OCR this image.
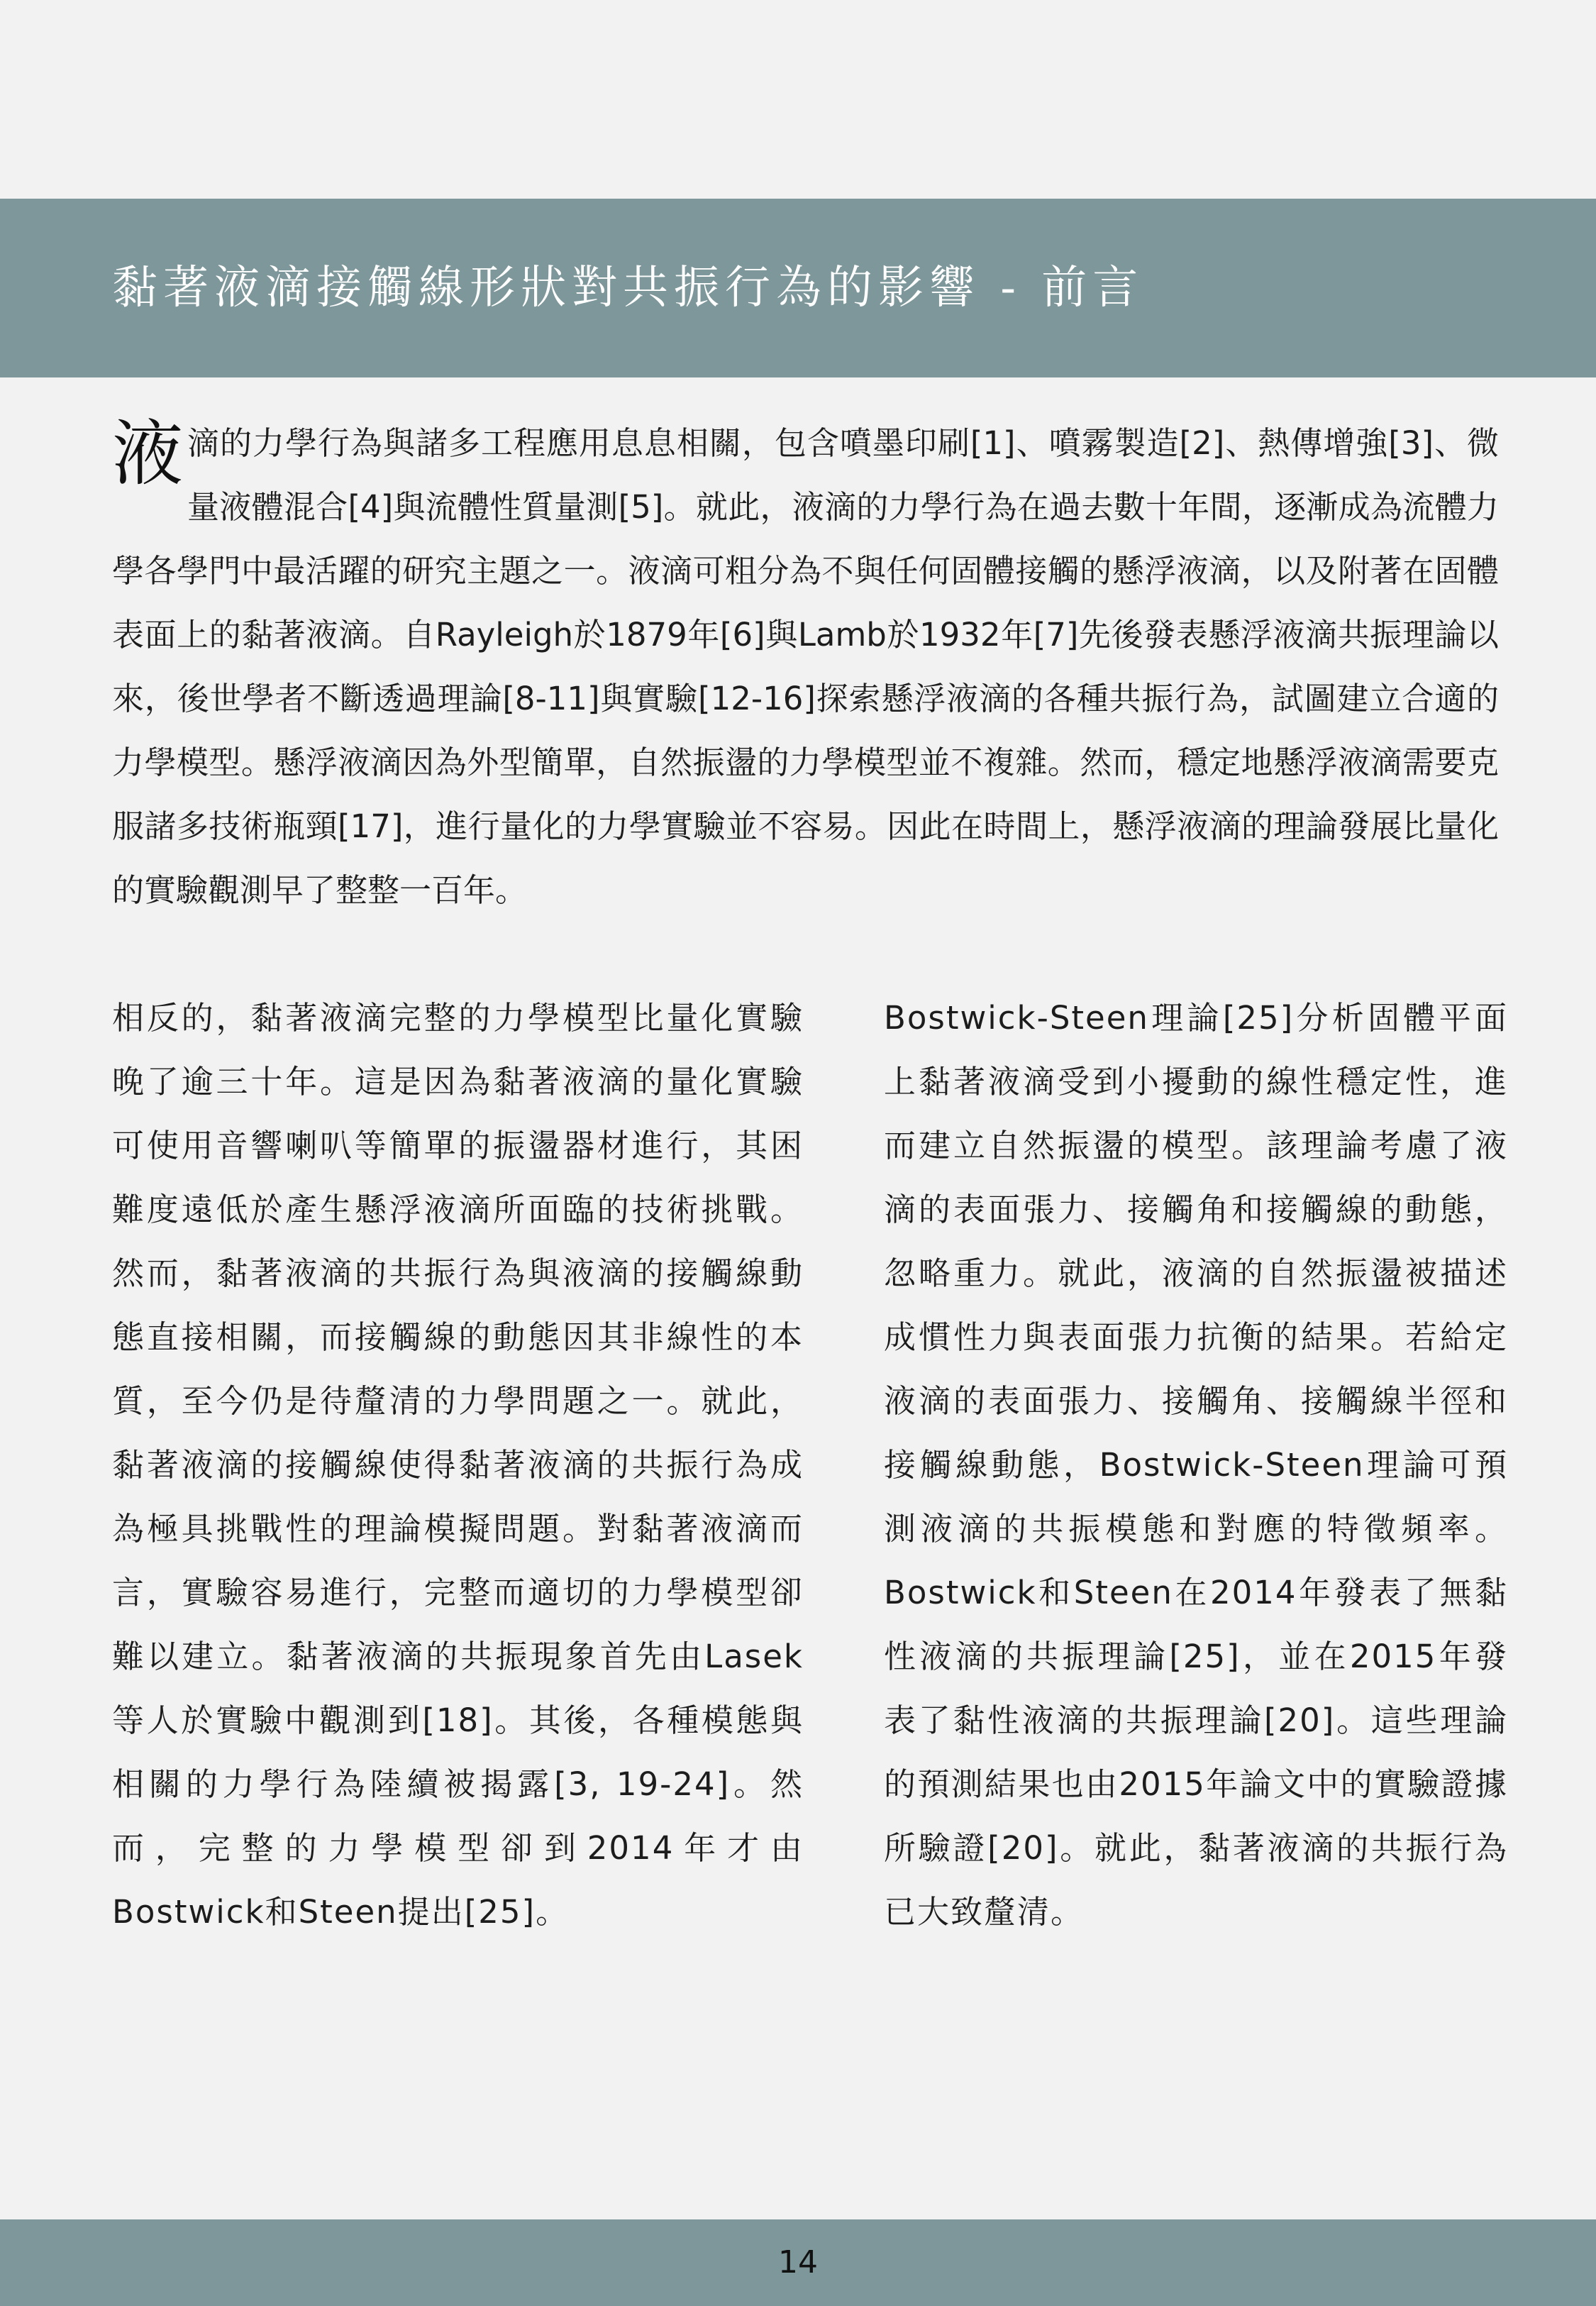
黏著液滴接觸線形狀對共振行為的影響 - 前言

液滴的力學行為與諸多工程應用息息相關，包含噴墨印刷[1]、噴霧製造[2]、熱傳增強[3]、微量液體混合[4]與流體性質量測[5]。就此，液滴的力學行為在過去數十年間，逐漸成為流體力學各學門中最活躍的研究主題之一。液滴可粗分為不與任何固體接觸的懸浮液滴，以及附著在固體表面上的黏著液滴。自Rayleigh於1879年[6]與Lamb於1932年[7]先後發表懸浮液滴共振理論以來，後世學者不斷透過理論[8-11]與實驗[12-16]探索懸浮液滴的各種共振行為，試圖建立合適的力學模型。懸浮液滴因為外型簡單，自然振盪的力學模型並不複雜。然而，穩定地懸浮液滴需要克服諸多技術瓶頸[17]，進行量化的力學實驗並不容易。因此在時間上，懸浮液滴的理論發展比量化的實驗觀測早了整整一百年。

相反的，黏著液滴完整的力學模型比量化實驗晚了逾三十年。這是因為黏著液滴的量化實驗可使用音響喇叭等簡單的振盪器材進行，其困難度遠低於產生懸浮液滴所面臨的技術挑戰。然而，黏著液滴的共振行為與液滴的接觸線動態直接相關，而接觸線的動態因其非線性的本質，至今仍是待釐清的力學問題之一。就此，黏著液滴的接觸線使得黏著液滴的共振行為成為極具挑戰性的理論模擬問題。對黏著液滴而言，實驗容易進行，完整而適切的力學模型卻難以建立。黏著液滴的共振現象首先由Lasek等人於實驗中觀測到[18]。其後，各種模態與相關的力學行為陸續被揭露[3, 19-24]。然而，完整的力學模型卻到2014年才由Bostwick和Steen提出[25]。

Bostwick-Steen理論[25]分析固體平面上黏著液滴受到小擾動的線性穩定性，進而建立自然振盪的模型。該理論考慮了液滴的表面張力、接觸角和接觸線的動態，忽略重力。就此，液滴的自然振盪被描述成慣性力與表面張力抗衡的結果。若給定液滴的表面張力、接觸角、接觸線半徑和接觸線動態，Bostwick-Steen理論可預測液滴的共振模態和對應的特徵頻率。Bostwick和Steen在2014年發表了無黏性液滴的共振理論[25]，並在2015年發表了黏性液滴的共振理論[20]。這些理論的預測結果也由2015年論文中的實驗證據所驗證[20]。就此，黏著液滴的共振行為已大致釐清。

14
